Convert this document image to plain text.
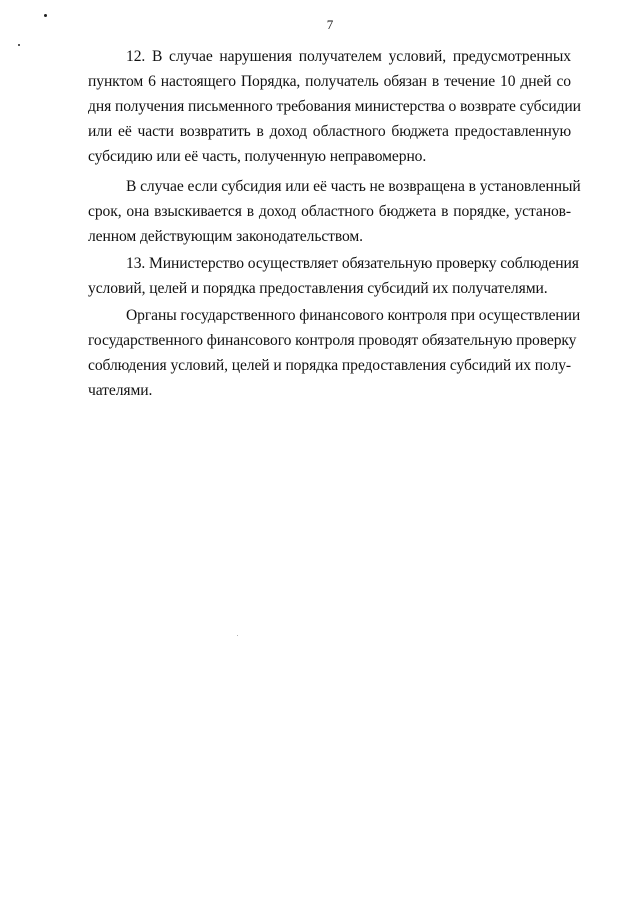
7
12. В случае нарушения получателем условий, предусмотренных
пунктом 6 настоящего Порядка, получатель обязан в течение 10 дней со
дня получения письменного требования министерства о возврате субсидии
или её части возвратить в доход областного бюджета предоставленную
субсидию или её часть, полученную неправомерно.
В случае если субсидия или её часть не возвращена в установленный
срок, она взыскивается в доход областного бюджета в порядке, установ-
ленном действующим законодательством.
13. Министерство осуществляет обязательную проверку соблюдения
условий, целей и порядка предоставления субсидий их получателями.
Органы государственного финансового контроля при осуществлении
государственного финансового контроля проводят обязательную проверку
соблюдения условий, целей и порядка предоставления субсидий их полу-
чателями.
